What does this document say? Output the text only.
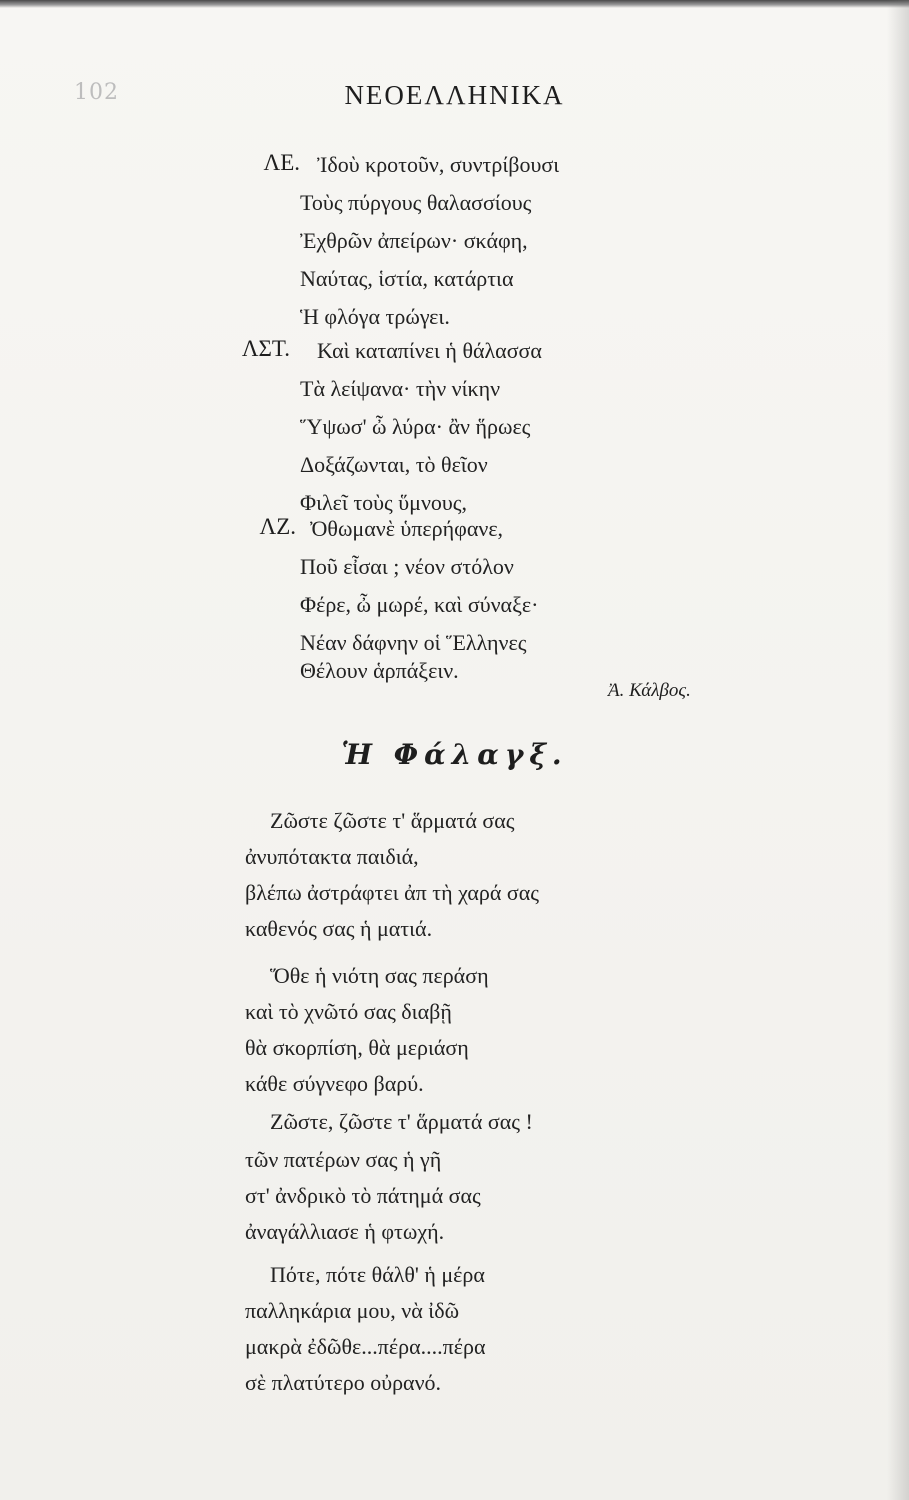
102	ΝΕΟΕΛΛΗΝΙΚΑ
ΛΕ. Ἰδοὺ κροτοῦν, συντρίβουσι
Τοὺς πύργους θαλασσίους
Ἐχθρῶν ἀπείρων· σκάφη,
Ναύτας, ἱστία, κατάρτια
Ἡ φλόγα τρώγει.
ΛΣΤ. Καὶ καταπίνει ἡ θάλασσα
Τὰ λείψανα· τὴν νίκην
Ὕψωσ' ὦ λύρα· ἂν ἥρωες
Δοξάζωνται, τὸ θεῖον
Φιλεῖ τοὺς ὕμνους,
ΛΖ. Ὀθωμανὲ ὑπερήφανε,
Ποῦ εἶσαι ; νέον στόλον
Φέρε, ὦ μωρέ, καὶ σύναξε·
Νέαν δάφνην οἱ Ἕλληνες
Θέλουν ἁρπάξειν.
Ἀ. Κάλβος.
Ἡ Φάλαγξ.
Ζῶστε ζῶστε τ' ἅρματά σας
ἀνυπότακτα παιδιά,
βλέπω ἀστράφτει ἀπ τὴ χαρά σας
καθενός σας ἡ ματιά.
Ὅθε ἡ νιότη σας περάση
καὶ τὸ χνῶτό σας διαβῇ
θὰ σκορπίση, θὰ μεριάση
κάθε σύγνεφο βαρύ.
Ζῶστε, ζῶστε τ' ἅρματά σας !
τῶν πατέρων σας ἡ γῆ
στ' ἀνδρικὸ τὸ πάτημά σας
ἀναγάλλιασε ἡ φτωχή.
Πότε, πότε θάλθ' ἡ μέρα
παλληκάρια μου, νὰ ἰδῶ
μακρὰ ἐδῶθε...πέρα....πέρα
σὲ πλατύτερο οὐρανό.
